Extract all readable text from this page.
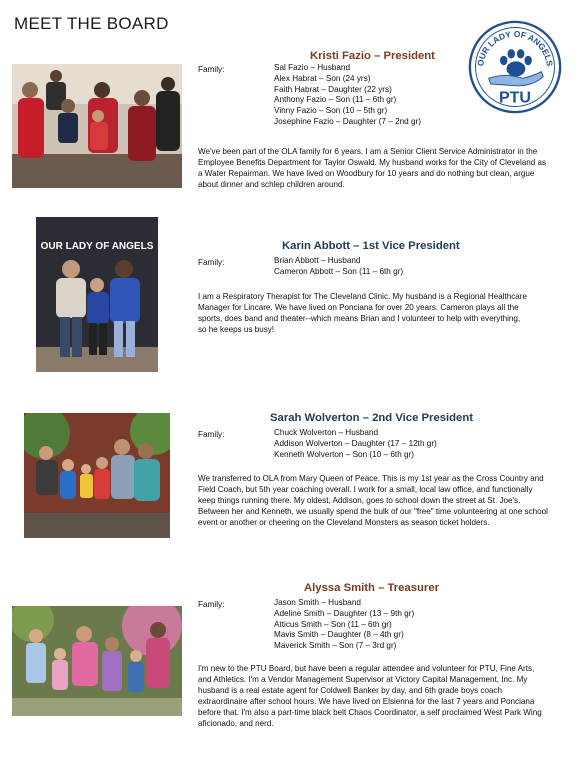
MEET THE BOARD
OUR LADY OF ANGELS
PTU
Kristi Fazio – President
Family:	Sal Fazio – Husband
Alex Habrat – Son (24 yrs)
Faith Habrat – Daughter (22 yrs)
Anthony Fazio – Son (11 – 6th gr)
Vinny Fazio – Son (10 – 5th gr)
Josephine Fazio – Daughter (7 – 2nd gr)
We've been part of the OLA family for 6 years. I am a Senior Client Service Administrator in the Employee Benefits Department for Taylor Oswald. My husband works for the City of Cleveland as a Water Repairman. We have lived on Woodbury for 10 years and do nothing but clean, argue about dinner and schlep children around.
OUR LADY OF ANGELS	Karin Abbott – 1st Vice President
Family:	Brian Abbott – Husband
Cameron Abbott – Son (11 – 6th gr)
I am a Respiratory Therapist for The Cleveland Clinic. My husband is a Regional Healthcare Manager for Lincare. We have lived on Ponciana for over 20 years. Cameron plays all the sports, does band and theater--which means Brian and I volunteer to help with everything, so he keeps us busy!
Sarah Wolverton – 2nd Vice President
Family:	Chuck Wolverton – Husband
Addison Wolverton – Daughter (17 – 12th gr)
Kenneth Wolverton – Son (10 – 6th gr)
We transferred to OLA from Mary Queen of Peace. This is my 1st year as the Cross Country and Field Coach, but 5th year coaching overall. I work for a small, local law office, and functionally keep things running there. My oldest, Addison, goes to school down the street at St. Joe's. Between her and Kenneth, we usually spend the bulk of our "free" time volunteering at one school event or another or cheering on the Cleveland Monsters as season ticket holders.
Alyssa Smith – Treasurer
Family:	Jason Smith – Husband
Adeline Smith – Daughter (13 – 9th gr)
Atticus Smith – Son (11 – 6th gr)
Mavis Smith – Daughter (8 – 4th gr)
Maverick Smith – Son (7 – 3rd gr)
I'm new to the PTU Board, but have been a regular attendee and volunteer for PTU, Fine Arts, and Athletics. I'm a Vendor Management Supervisor at Victory Capital Management, Inc. My husband is a real estate agent for Coldwell Banker by day, and 6th grade boys coach extraordinaire after school hours. We have lived on Elsienna for the last 7 years and Ponciana before that. I'm also a part-time black belt Chaos Coordinator, a self proclaimed West Park Wing aficionado, and nerd.
